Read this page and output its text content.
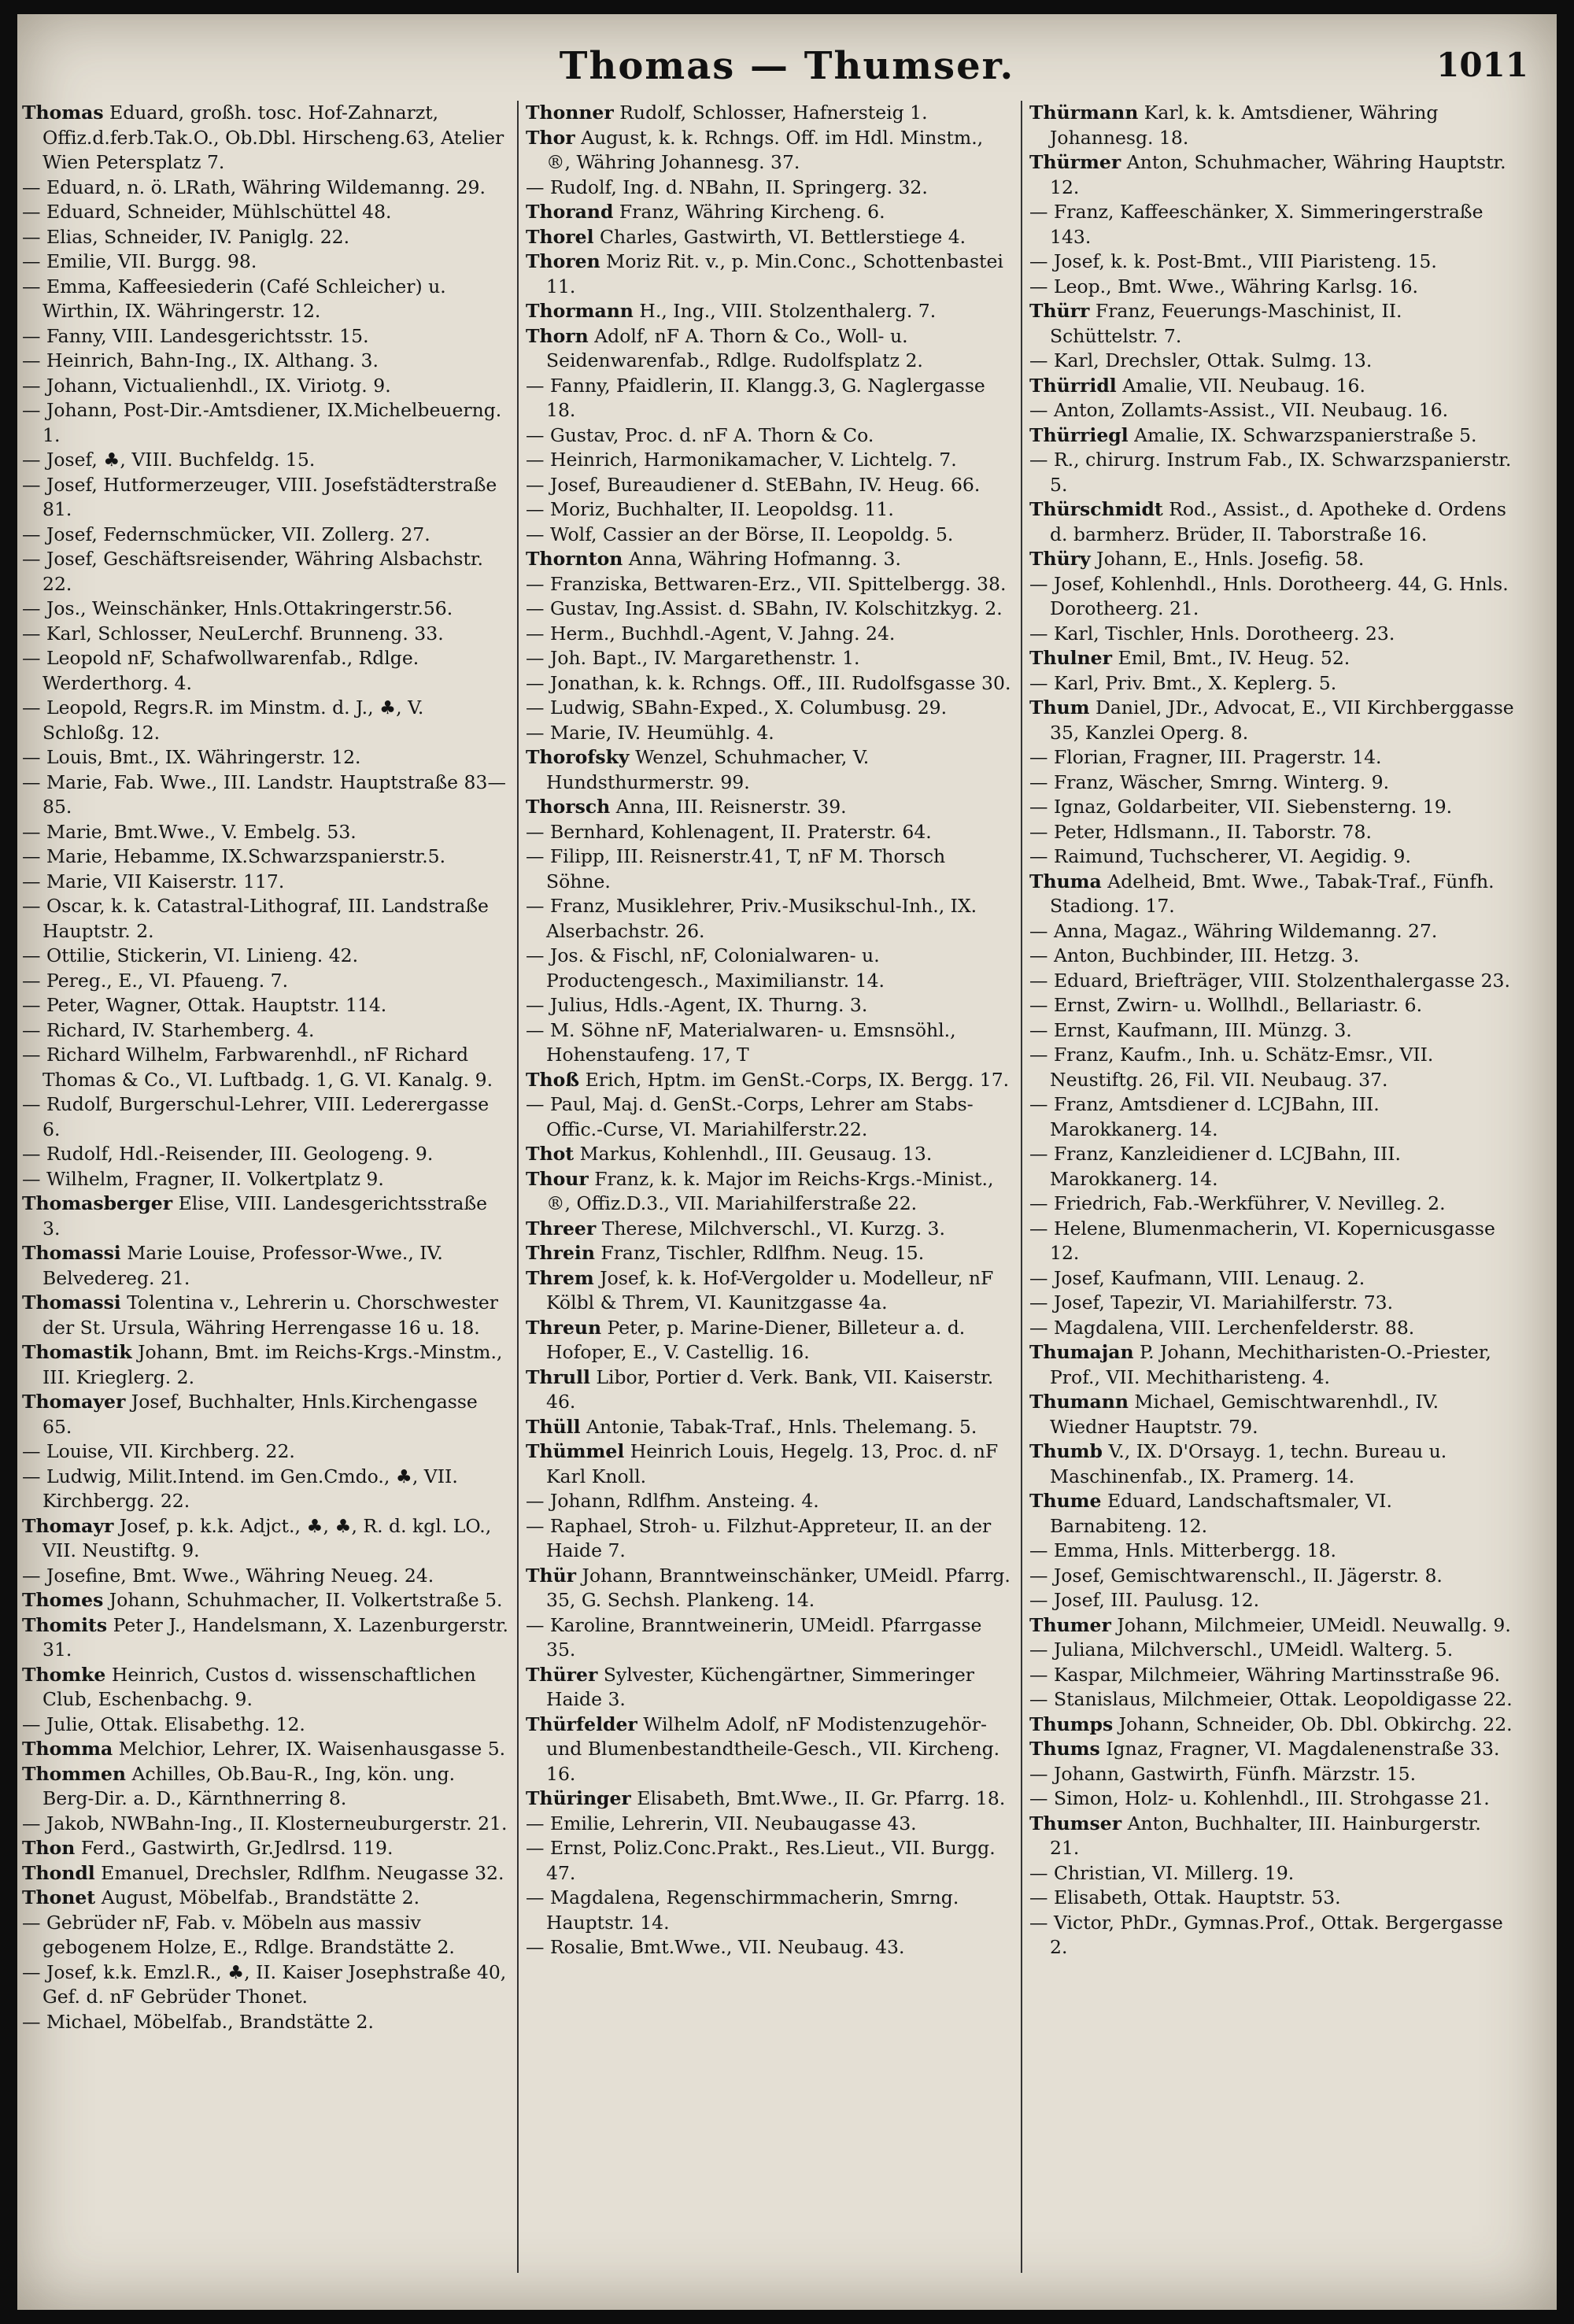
Thomas — Thumser.	1011

Thomas Eduard, großh. tosc. Hof-Zahnarzt, Offiz.d.ferb.Tak.O., Ob.Dbl. Hirscheng.63, Atelier Wien Petersplatz 7.

— Eduard, n. ö. LRath, Währing Wildemanng. 29.

— Eduard, Schneider, Mühlschüttel 48.

— Elias, Schneider, IV. Paniglg. 22.

— Emilie, VII. Burgg. 98.

— Emma, Kaffeesiederin (Café Schleicher) u. Wirthin, IX. Währingerstr. 12.

— Fanny, VIII. Landesgerichtsstr. 15.

— Heinrich, Bahn-Ing., IX. Althang. 3.

— Johann, Victualienhdl., IX. Viriotg. 9.

— Johann, Post-Dir.-Amtsdiener, IX.Michelbeuerng. 1.

— Josef, ♣, VIII. Buchfeldg. 15.

— Josef, Hutformerzeuger, VIII. Josefstädterstraße 81.

— Josef, Federnschmücker, VII. Zollerg. 27.

— Josef, Geschäftsreisender, Währing Alsbachstr. 22.

— Jos., Weinschänker, Hnls.Ottakringerstr.56.

— Karl, Schlosser, NeuLerchf. Brunneng. 33.

— Leopold nF, Schafwollwarenfab., Rdlge. Werderthorg. 4.

— Leopold, Regrs.R. im Minstm. d. J., ♣, V. Schloßg. 12.

— Louis, Bmt., IX. Währingerstr. 12.

— Marie, Fab. Wwe., III. Landstr. Hauptstraße 83—85.

— Marie, Bmt.Wwe., V. Embelg. 53.

— Marie, Hebamme, IX.Schwarzspanierstr.5.

— Marie, VII Kaiserstr. 117.

— Oscar, k. k. Catastral-Lithograf, III. Landstraße Hauptstr. 2.

— Ottilie, Stickerin, VI. Linieng. 42.

— Pereg., E., VI. Pfaueng. 7.

— Peter, Wagner, Ottak. Hauptstr. 114.

— Richard, IV. Starhemberg. 4.

— Richard Wilhelm, Farbwarenhdl., nF Richard Thomas & Co., VI. Luftbadg. 1, G. VI. Kanalg. 9.

— Rudolf, Burgerschul-Lehrer, VIII. Lederergasse 6.

— Rudolf, Hdl.-Reisender, III. Geologeng. 9.

— Wilhelm, Fragner, II. Volkertplatz 9.

Thomasberger Elise, VIII. Landesgerichtsstraße 3.

Thomassi Marie Louise, Professor-Wwe., IV. Belvedereg. 21.

Thomassi Tolentina v., Lehrerin u. Chorschwester der St. Ursula, Währing Herrengasse 16 u. 18.

Thomastik Johann, Bmt. im Reichs-Krgs.-Minstm., III. Krieglerg. 2.

Thomayer Josef, Buchhalter, Hnls.Kirchengasse 65.

— Louise, VII. Kirchberg. 22.

— Ludwig, Milit.Intend. im Gen.Cmdo., ♣, VII. Kirchbergg. 22.

Thomayr Josef, p. k.k. Adjct., ♣, ♣, R. d. kgl. LO., VII. Neustiftg. 9.

— Josefine, Bmt. Wwe., Währing Neueg. 24.

Thomes Johann, Schuhmacher, II. Volkertstraße 5.

Thomits Peter J., Handelsmann, X. Lazenburgerstr. 31.

Thomke Heinrich, Custos d. wissenschaftlichen Club, Eschenbachg. 9.

— Julie, Ottak. Elisabethg. 12.

Thomma Melchior, Lehrer, IX. Waisenhausgasse 5.

Thommen Achilles, Ob.Bau-R., Ing, kön. ung. Berg-Dir. a. D., Kärnthnerring 8.

— Jakob, NWBahn-Ing., II. Klosterneuburgerstr. 21.

Thon Ferd., Gastwirth, Gr.Jedlrsd. 119.

Thondl Emanuel, Drechsler, Rdlfhm. Neugasse 32.

Thonet August, Möbelfab., Brandstätte 2.

— Gebrüder nF, Fab. v. Möbeln aus massiv gebogenem Holze, E., Rdlge. Brandstätte 2.

— Josef, k.k. Emzl.R., ♣, II. Kaiser Josephstraße 40, Gef. d. nF Gebrüder Thonet.

— Michael, Möbelfab., Brandstätte 2.

Thonner Rudolf, Schlosser, Hafnersteig 1.

Thor August, k. k. Rchngs. Off. im Hdl. Minstm., ®, Währing Johannesg. 37.

— Rudolf, Ing. d. NBahn, II. Springerg. 32.

Thorand Franz, Währing Kircheng. 6.

Thorel Charles, Gastwirth, VI. Bettlerstiege 4.

Thoren Moriz Rit. v., p. Min.Conc., Schottenbastei 11.

Thormann H., Ing., VIII. Stolzenthalerg. 7.

Thorn Adolf, nF A. Thorn & Co., Woll- u. Seidenwarenfab., Rdlge. Rudolfsplatz 2.

— Fanny, Pfaidlerin, II. Klangg.3, G. Naglergasse 18.

— Gustav, Proc. d. nF A. Thorn & Co.

— Heinrich, Harmonikamacher, V. Lichtelg. 7.

— Josef, Bureaudiener d. StEBahn, IV. Heug. 66.

— Moriz, Buchhalter, II. Leopoldsg. 11.

— Wolf, Cassier an der Börse, II. Leopoldg. 5.

Thornton Anna, Währing Hofmanng. 3.

— Franziska, Bettwaren-Erz., VII. Spittelbergg. 38.

— Gustav, Ing.Assist. d. SBahn, IV. Kolschitzkyg. 2.

— Herm., Buchhdl.-Agent, V. Jahng. 24.

— Joh. Bapt., IV. Margarethenstr. 1.

— Jonathan, k. k. Rchngs. Off., III. Rudolfsgasse 30.

— Ludwig, SBahn-Exped., X. Columbusg. 29.

— Marie, IV. Heumühlg. 4.

Thorofsky Wenzel, Schuhmacher, V. Hundsthurmerstr. 99.

Thorsch Anna, III. Reisnerstr. 39.

— Bernhard, Kohlenagent, II. Praterstr. 64.

— Filipp, III. Reisnerstr.41, T, nF M. Thorsch Söhne.

— Franz, Musiklehrer, Priv.-Musikschul-Inh., IX. Alserbachstr. 26.

— Jos. & Fischl, nF, Colonialwaren- u. Productengesch., Maximilianstr. 14.

— Julius, Hdls.-Agent, IX. Thurng. 3.

— M. Söhne nF, Materialwaren- u. Emsnsöhl., Hohenstaufeng. 17, T

Thoß Erich, Hptm. im GenSt.-Corps, IX. Bergg. 17.

— Paul, Maj. d. GenSt.-Corps, Lehrer am Stabs-Offic.-Curse, VI. Mariahilferstr.22.

Thot Markus, Kohlenhdl., III. Geusaug. 13.

Thour Franz, k. k. Major im Reichs-Krgs.-Minist., ®, Offiz.D.3., VII. Mariahilferstraße 22.

Threer Therese, Milchverschl., VI. Kurzg. 3.

Threin Franz, Tischler, Rdlfhm. Neug. 15.

Threm Josef, k. k. Hof-Vergolder u. Modelleur, nF Kölbl & Threm, VI. Kaunitzgasse 4a.

Threun Peter, p. Marine-Diener, Billeteur a. d. Hofoper, E., V. Castellig. 16.

Thrull Libor, Portier d. Verk. Bank, VII. Kaiserstr. 46.

Thüll Antonie, Tabak-Traf., Hnls. Thelemang. 5.

Thümmel Heinrich Louis, Hegelg. 13, Proc. d. nF Karl Knoll.

— Johann, Rdlfhm. Ansteing. 4.

— Raphael, Stroh- u. Filzhut-Appreteur, II. an der Haide 7.

Thür Johann, Branntweinschänker, UMeidl. Pfarrg. 35, G. Sechsh. Plankeng. 14.

— Karoline, Branntweinerin, UMeidl. Pfarrgasse 35.

Thürer Sylvester, Küchengärtner, Simmeringer Haide 3.

Thürfelder Wilhelm Adolf, nF Modistenzugehör- und Blumenbestandtheile-Gesch., VII. Kircheng. 16.

Thüringer Elisabeth, Bmt.Wwe., II. Gr. Pfarrg. 18.

— Emilie, Lehrerin, VII. Neubaugasse 43.

— Ernst, Poliz.Conc.Prakt., Res.Lieut., VII. Burgg. 47.

— Magdalena, Regenschirmmacherin, Smrng. Hauptstr. 14.

— Rosalie, Bmt.Wwe., VII. Neubaug. 43.

Thürmann Karl, k. k. Amtsdiener, Währing Johannesg. 18.

Thürmer Anton, Schuhmacher, Währing Hauptstr. 12.

— Franz, Kaffeeschänker, X. Simmeringerstraße 143.

— Josef, k. k. Post-Bmt., VIII Piaristeng. 15.

— Leop., Bmt. Wwe., Währing Karlsg. 16.

Thürr Franz, Feuerungs-Maschinist, II. Schüttelstr. 7.

— Karl, Drechsler, Ottak. Sulmg. 13.

Thürridl Amalie, VII. Neubaug. 16.

— Anton, Zollamts-Assist., VII. Neubaug. 16.

Thürriegl Amalie, IX. Schwarzspanierstraße 5.

— R., chirurg. Instrum Fab., IX. Schwarzspanierstr. 5.

Thürschmidt Rod., Assist., d. Apotheke d. Ordens d. barmherz. Brüder, II. Taborstraße 16.

Thüry Johann, E., Hnls. Josefig. 58.

— Josef, Kohlenhdl., Hnls. Dorotheerg. 44, G. Hnls. Dorotheerg. 21.

— Karl, Tischler, Hnls. Dorotheerg. 23.

Thulner Emil, Bmt., IV. Heug. 52.

— Karl, Priv. Bmt., X. Keplerg. 5.

Thum Daniel, JDr., Advocat, E., VII Kirchberggasse 35, Kanzlei Operg. 8.

— Florian, Fragner, III. Pragerstr. 14.

— Franz, Wäscher, Smrng. Winterg. 9.

— Ignaz, Goldarbeiter, VII. Siebensterng. 19.

— Peter, Hdlsmann., II. Taborstr. 78.

— Raimund, Tuchscherer, VI. Aegidig. 9.

Thuma Adelheid, Bmt. Wwe., Tabak-Traf., Fünfh. Stadiong. 17.

— Anna, Magaz., Währing Wildemanng. 27.

— Anton, Buchbinder, III. Hetzg. 3.

— Eduard, Briefträger, VIII. Stolzenthalergasse 23.

— Ernst, Zwirn- u. Wollhdl., Bellariastr. 6.

— Ernst, Kaufmann, III. Münzg. 3.

— Franz, Kaufm., Inh. u. Schätz-Emsr., VII. Neustiftg. 26, Fil. VII. Neubaug. 37.

— Franz, Amtsdiener d. LCJBahn, III. Marokkanerg. 14.

— Franz, Kanzleidiener d. LCJBahn, III. Marokkanerg. 14.

— Friedrich, Fab.-Werkführer, V. Nevilleg. 2.

— Helene, Blumenmacherin, VI. Kopernicusgasse 12.

— Josef, Kaufmann, VIII. Lenaug. 2.

— Josef, Tapezir, VI. Mariahilferstr. 73.

— Magdalena, VIII. Lerchenfelderstr. 88.

Thumajan P. Johann, Mechitharisten-O.-Priester, Prof., VII. Mechitharisteng. 4.

Thumann Michael, Gemischtwarenhdl., IV. Wiedner Hauptstr. 79.

Thumb V., IX. D'Orsayg. 1, techn. Bureau u. Maschinenfab., IX. Pramerg. 14.

Thume Eduard, Landschaftsmaler, VI. Barnabiteng. 12.

— Emma, Hnls. Mitterbergg. 18.

— Josef, Gemischtwarenschl., II. Jägerstr. 8.

— Josef, III. Paulusg. 12.

Thumer Johann, Milchmeier, UMeidl. Neuwallg. 9.

— Juliana, Milchverschl., UMeidl. Walterg. 5.

— Kaspar, Milchmeier, Währing Martinsstraße 96.

— Stanislaus, Milchmeier, Ottak. Leopoldigasse 22.

Thumps Johann, Schneider, Ob. Dbl. Obkirchg. 22.

Thums Ignaz, Fragner, VI. Magdalenenstraße 33.

— Johann, Gastwirth, Fünfh. Märzstr. 15.

— Simon, Holz- u. Kohlenhdl., III. Strohgasse 21.

Thumser Anton, Buchhalter, III. Hainburgerstr. 21.

— Christian, VI. Millerg. 19.

— Elisabeth, Ottak. Hauptstr. 53.

— Victor, PhDr., Gymnas.Prof., Ottak. Bergergasse 2.
